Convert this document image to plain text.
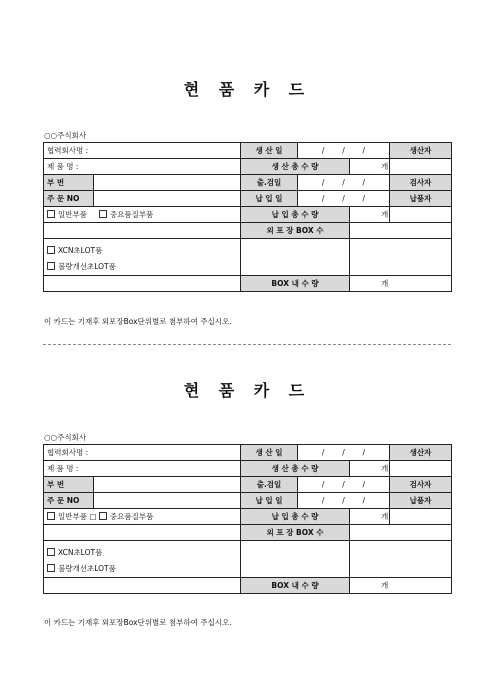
현 품 카 드
○○주식회사
협력회사명 :		생 산 일	/ / /		생산자
제 품 명 :		생 산 총 수 량		개	
부 번		출.검일	/ / /		검사자
주 문 NO		납 입 일	/ / /		납품자
일반부품 중요품질부품		납 입 총 수 량		개	
		외 포 장 BOX 수			
XCN초LOT품
불량개선초LOT품					

		BOX 내 수 량		개	
이 카드는 기재후 외포장Box단위별로 첨부하여 주십시오.
현 품 카 드
○○주식회사
협력회사명 :		생 산 일	/ / /		생산자
제 품 명 :		생 산 총 수 량		개	
부 번		출.검일	/ / /		검사자
주 문 NO		납 입 일	/ / /		납품자
일반부품 □ 중요품질부품		납 입 총 수 량		개	
		외 포 장 BOX 수			
XCN초LOT품
불량개선초LOT품					

		BOX 내 수 량		개	
이 카드는 기재후 외포장Box단위별로 첨부하여 주십시오.
